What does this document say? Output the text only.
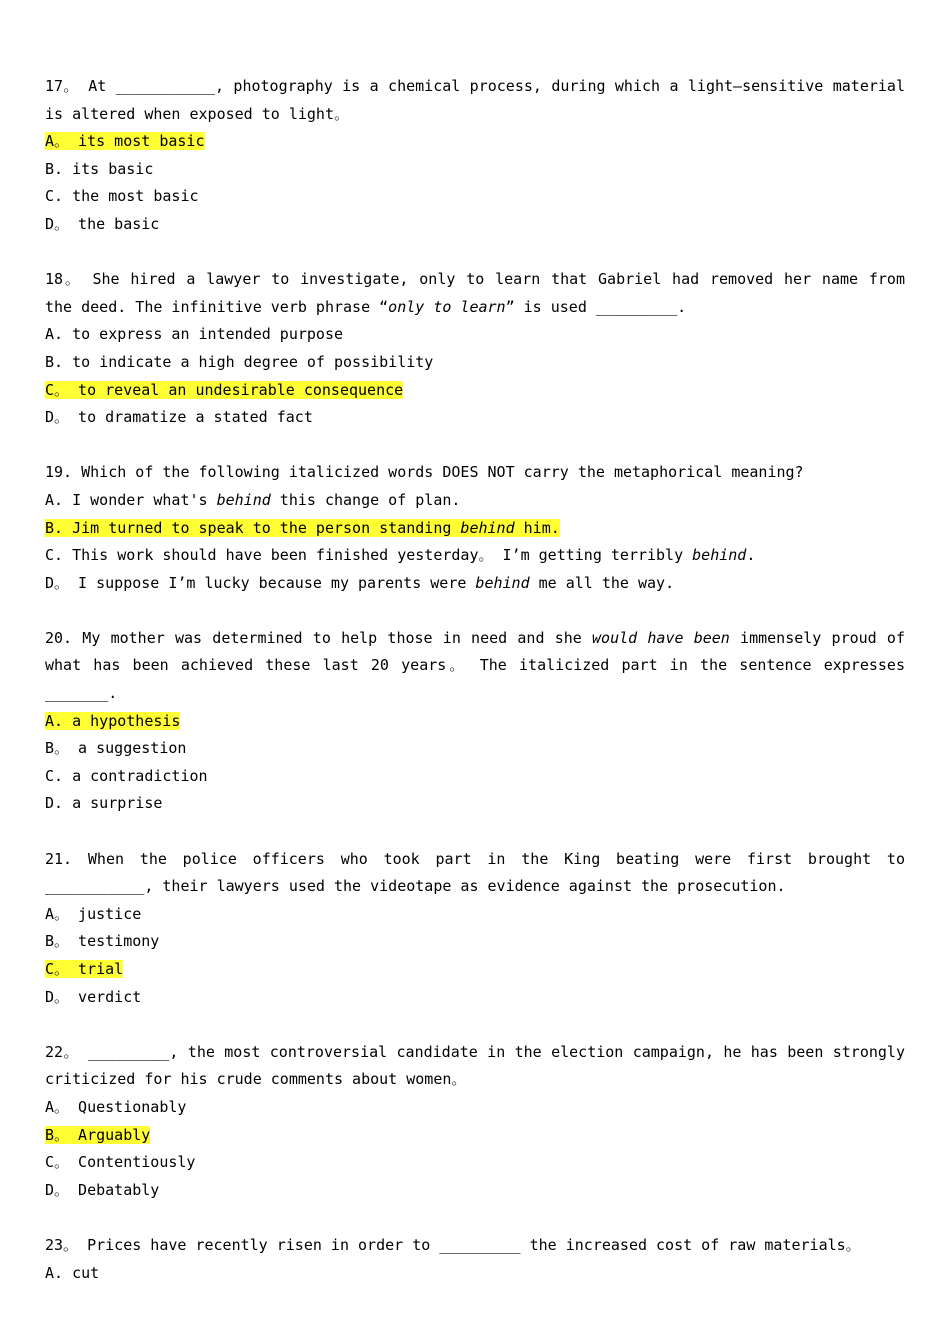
17。 At ___________, photography is a chemical process, during which a light—sensitive material is altered when exposed to light。
A。 its most basic
B. its basic
C. the most basic
D。 the basic
18。 She hired a lawyer to investigate, only to learn that Gabriel had removed her name from the deed. The infinitive verb phrase “only to learn” is used _________.
A. to express an intended purpose
B. to indicate a high degree of possibility
C。 to reveal an undesirable consequence
D。 to dramatize a stated fact
19. Which of the following italicized words DOES NOT carry the metaphorical meaning?
A. I wonder what's behind this change of plan.
B. Jim turned to speak to the person standing behind him.
C. This work should have been finished yesterday。 I’m getting terribly behind.
D。 I suppose I’m lucky because my parents were behind me all the way.
20. My mother was determined to help those in need and she would have been immensely proud of what has been achieved these last 20 years。 The italicized part in the sentence expresses _______.
A. a hypothesis
B。 a suggestion
C. a contradiction
D. a surprise
21. When the police officers who took part in the King beating were first brought to ___________, their lawyers used the videotape as evidence against the prosecution.
A。 justice
B。 testimony
C。 trial
D。 verdict
22。 _________, the most controversial candidate in the election campaign, he has been strongly criticized for his crude comments about women。
A。 Questionably
B。 Arguably
C。 Contentiously
D。 Debatably
23。 Prices have recently risen in order to _________ the increased cost of raw materials。
A. cut
